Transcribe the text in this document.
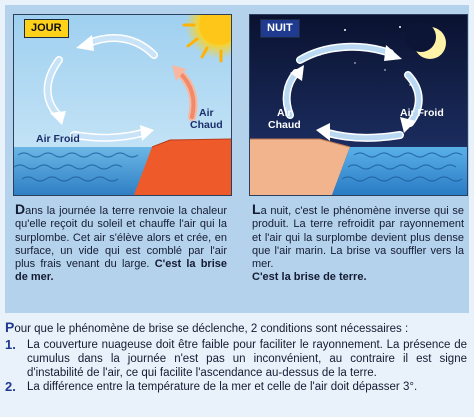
JOUR
Air
Chaud
Air Froid
NUIT
Air
Chaud
Air Froid
Dans la journée la terre renvoie la chaleur qu'elle reçoit du soleil et chauffe l'air qui la surplombe. Cet air s'élève alors et crée, en surface, un vide qui est comblé par l'air plus frais venant du large. C'est la brise de mer.
La nuit, c'est le phénomène inverse qui se produit. La terre refroidit par rayonnement et l'air qui la surplombe devient plus dense que l'air marin. La brise va souffler vers la mer.
C'est la brise de terre.

Pour que le phénomène de brise se déclenche, 2 conditions sont nécessaires :

1. La couverture nuageuse doit être faible pour faciliter le rayonnement. La présence de cumulus dans la journée n'est pas un inconvénient, au contraire il est signe d'instabilité de l'air, ce qui facilite l'ascendance au-dessus de la terre.
2. La différence entre la température de la mer et celle de l'air doit dépasser 3°.
